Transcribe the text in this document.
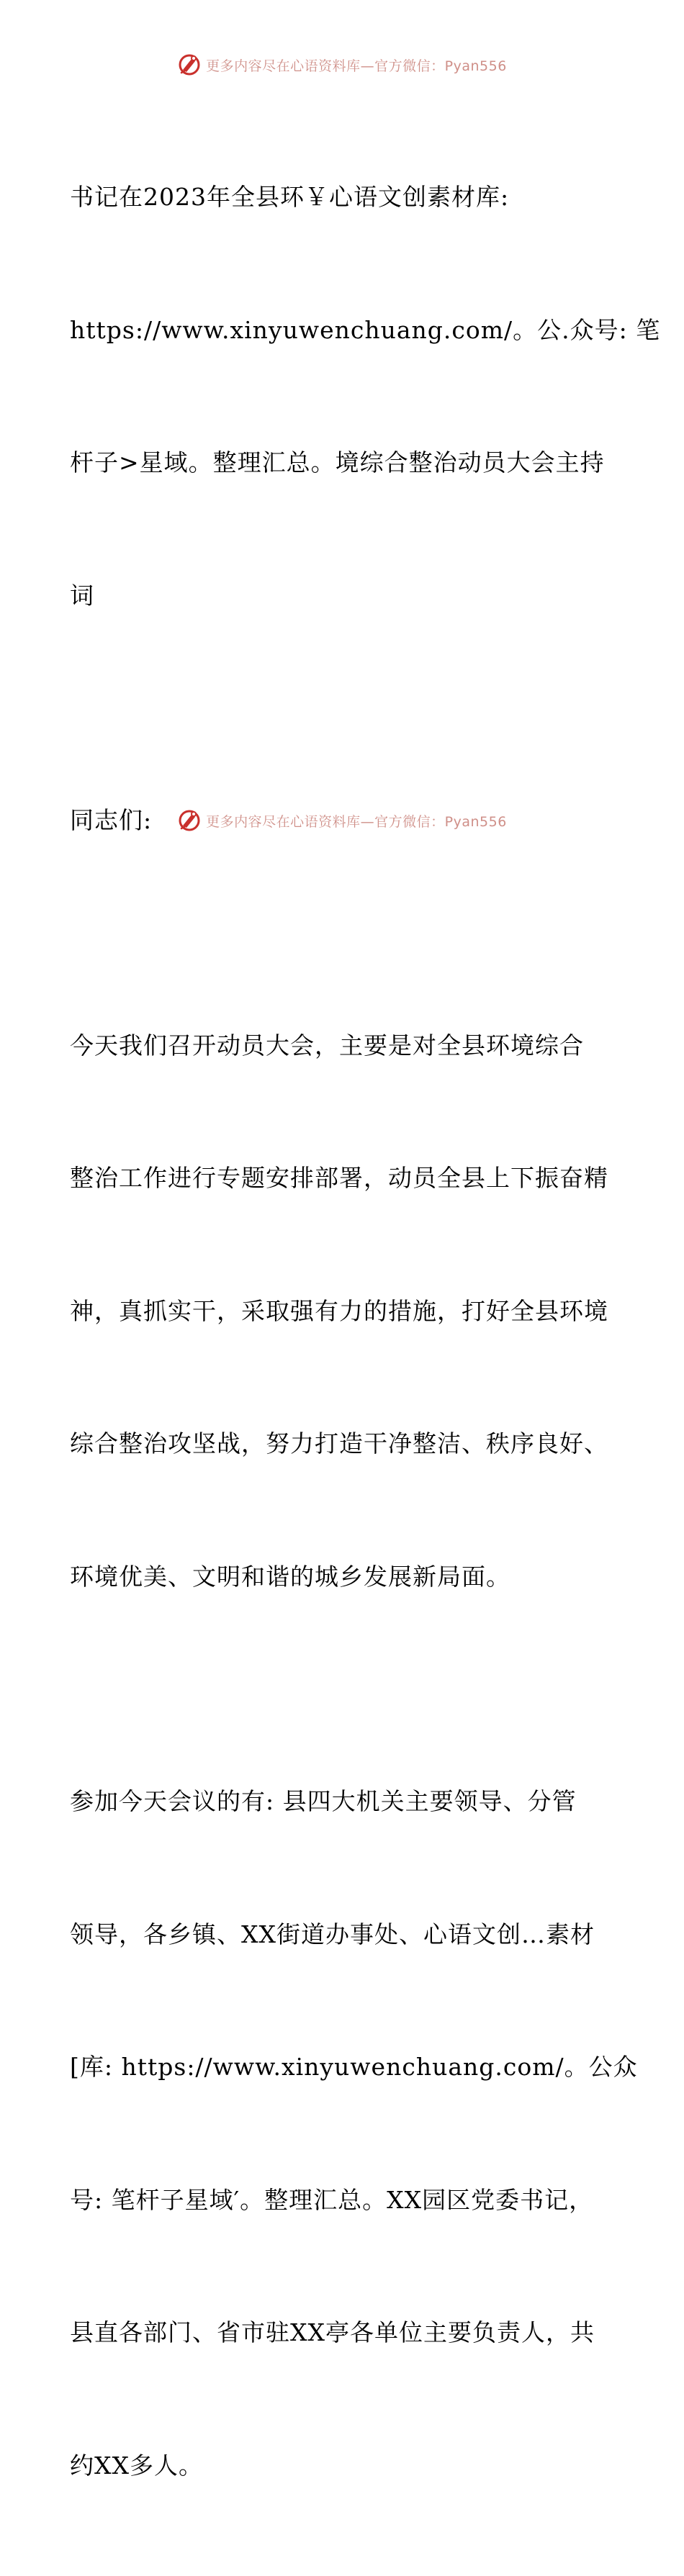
更多内容尽在心语资料库—官方微信：Pyan556

书记在2023年全县环￥心语文创素材库:

https://www.xinyuwenchuang.com/。公.众号: 笔

杆子>星域。整理汇总。境综合整治动员大会主持

词

同志们:

今天我们召开动员大会，主要是对全县环境综合

整治工作进行专题安排部署，动员全县上下振奋精

神，真抓实干，采取强有力的措施，打好全县环境

综合整治攻坚战，努力打造干净整洁、秩序良好、

环境优美、文明和谐的城乡发展新局面。

参加今天会议的有: 县四大机关主要领导、分管

领导，各乡镇、XX街道办事处、心语文创…素材

[库: https://www.xinyuwenchuang.com/。公众

号: 笔杆子星域′。整理汇总。XX园区党委书记，

县直各部门、省市驻XX亭各单位主要负责人，共

约XX多人。

更多内容尽在心语资料库—官方微信：Pyan556
